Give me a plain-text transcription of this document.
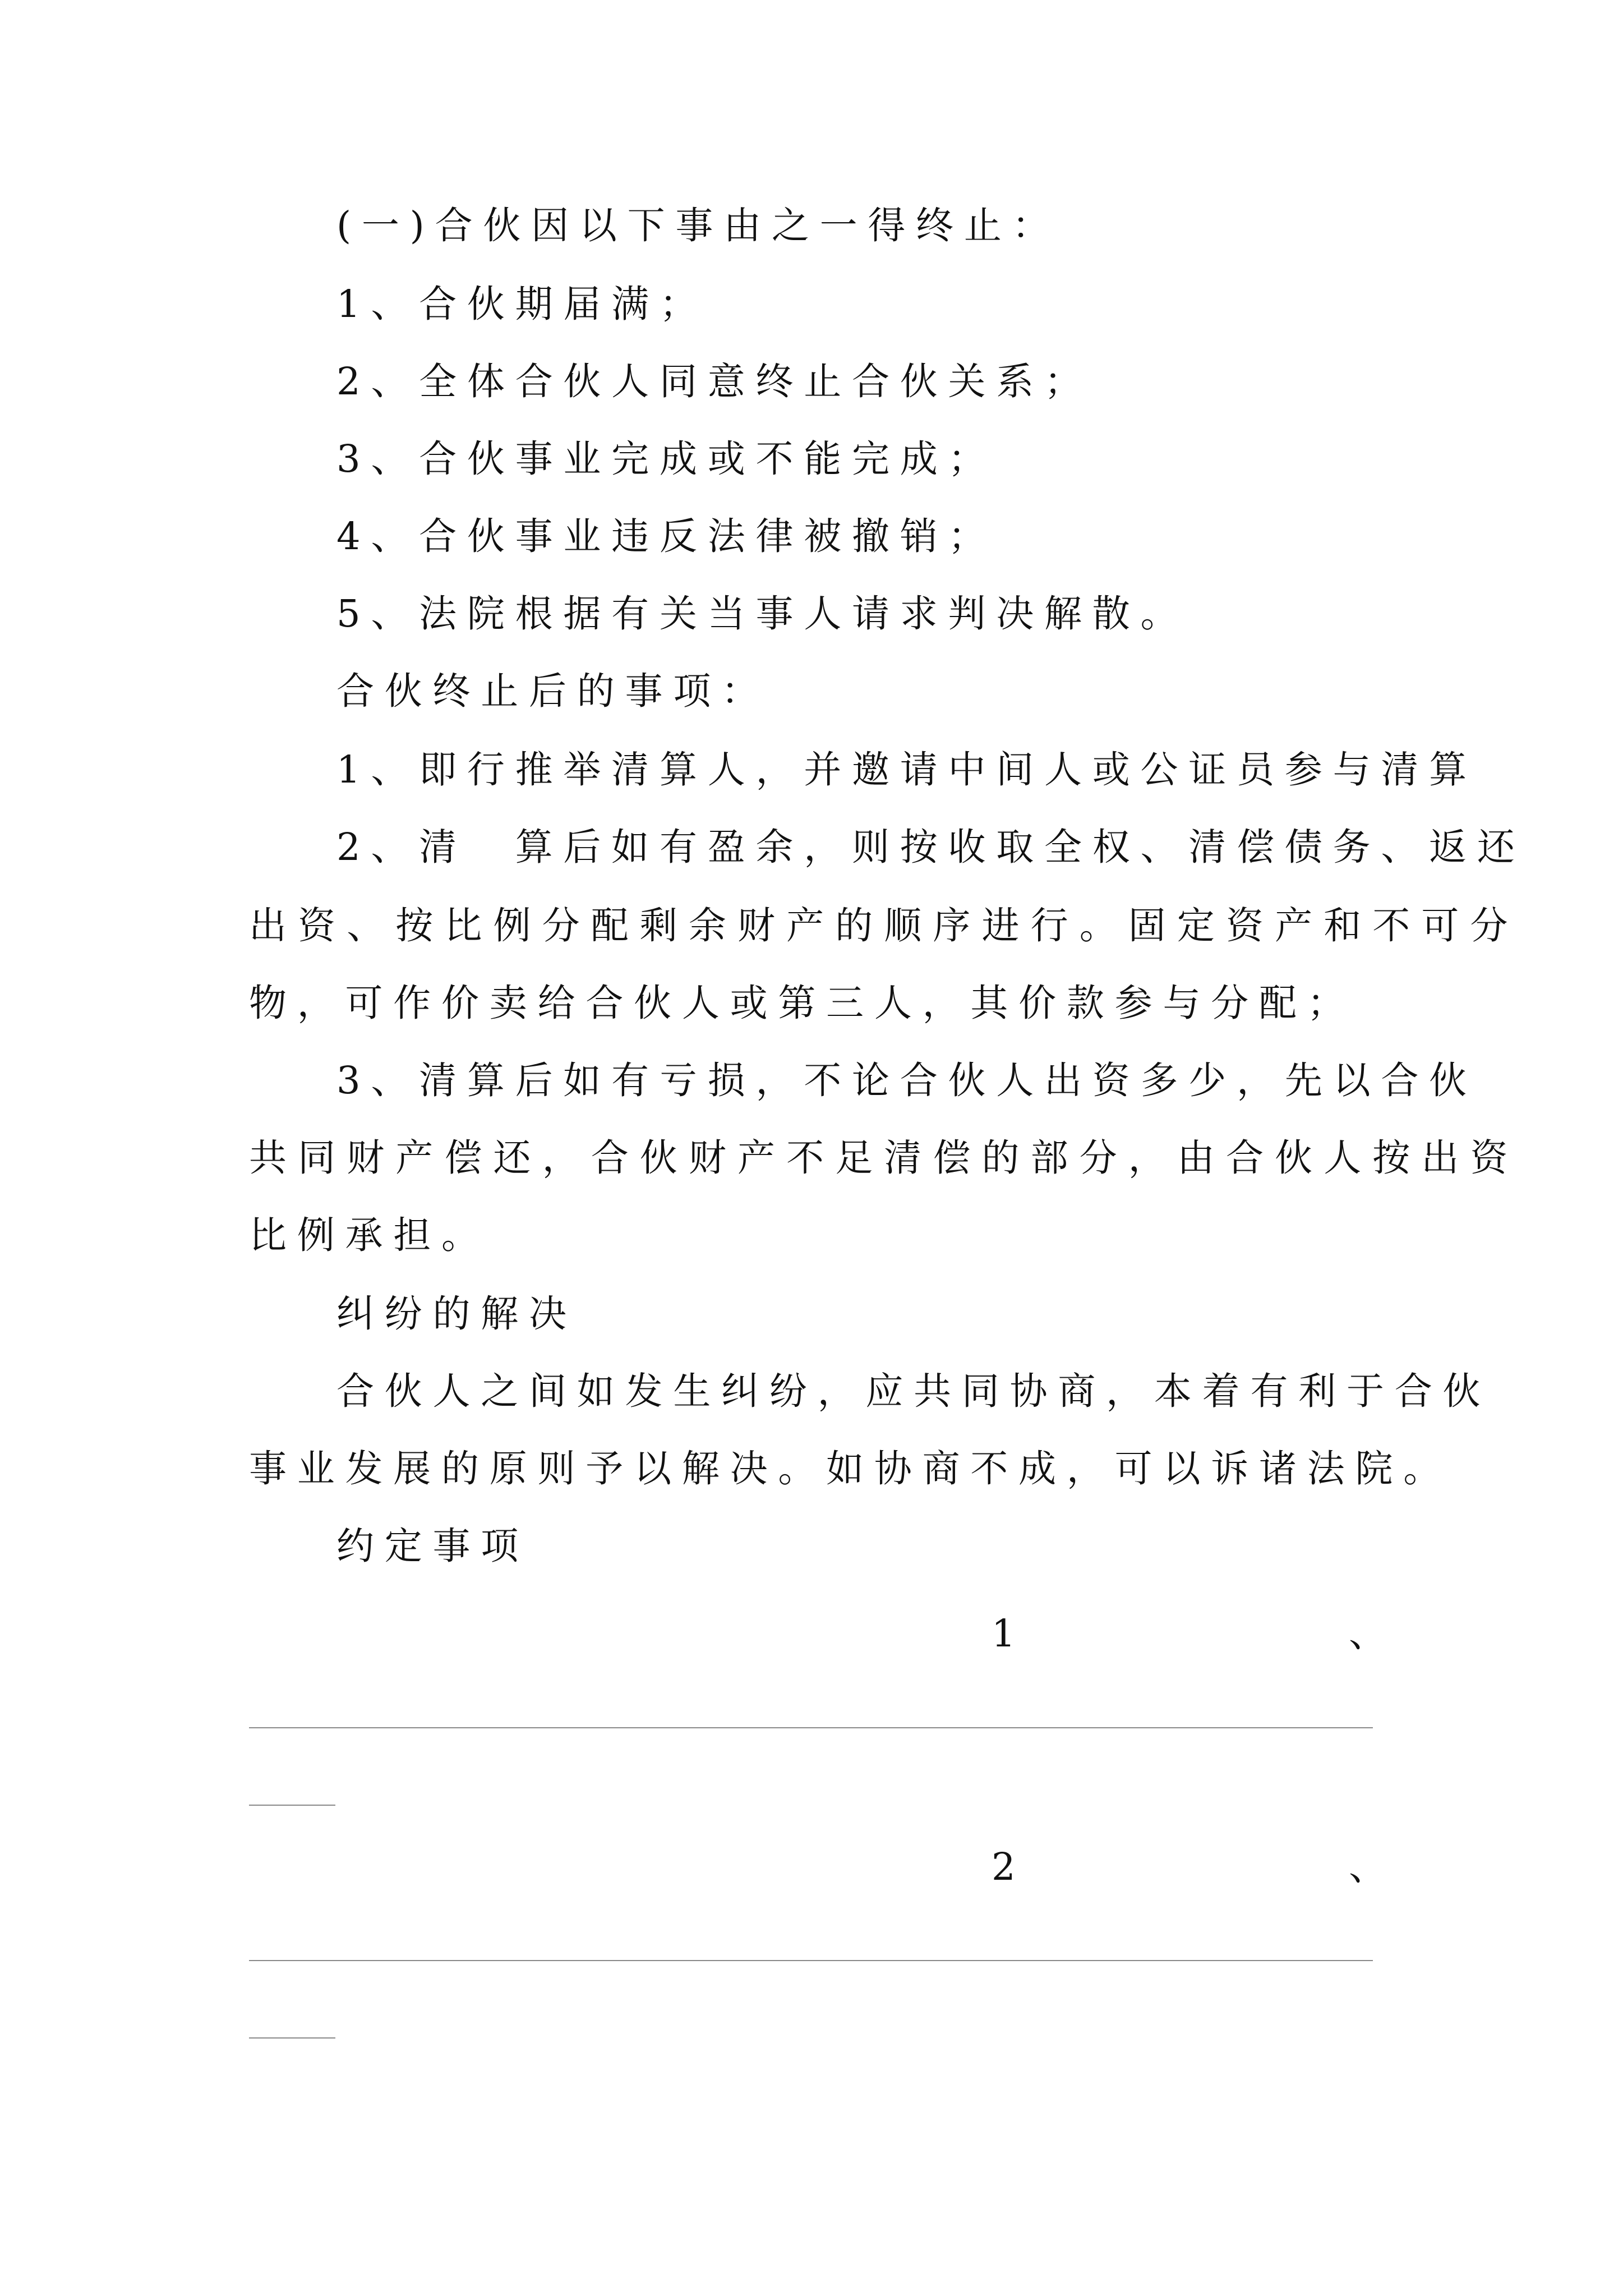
(一)合伙因以下事由之一得终止：
1、合伙期届满；
2、全体合伙人同意终止合伙关系；
3、合伙事业完成或不能完成；
4、合伙事业违反法律被撤销；
5、法院根据有关当事人请求判决解散。
合伙终止后的事项：
1、即行推举清算人，并邀请中间人或公证员参与清算
2、清　算后如有盈余，则按收取全权、清偿债务、返还
出资、按比例分配剩余财产的顺序进行。固定资产和不可分
物，可作价卖给合伙人或第三人，其价款参与分配；
3、清算后如有亏损，不论合伙人出资多少，先以合伙
共同财产偿还，合伙财产不足清偿的部分，由合伙人按出资
比例承担。
纠纷的解决
合伙人之间如发生纠纷，应共同协商，本着有利于合伙
事业发展的原则予以解决。如协商不成，可以诉诸法院。
约定事项
1	、
2	、
